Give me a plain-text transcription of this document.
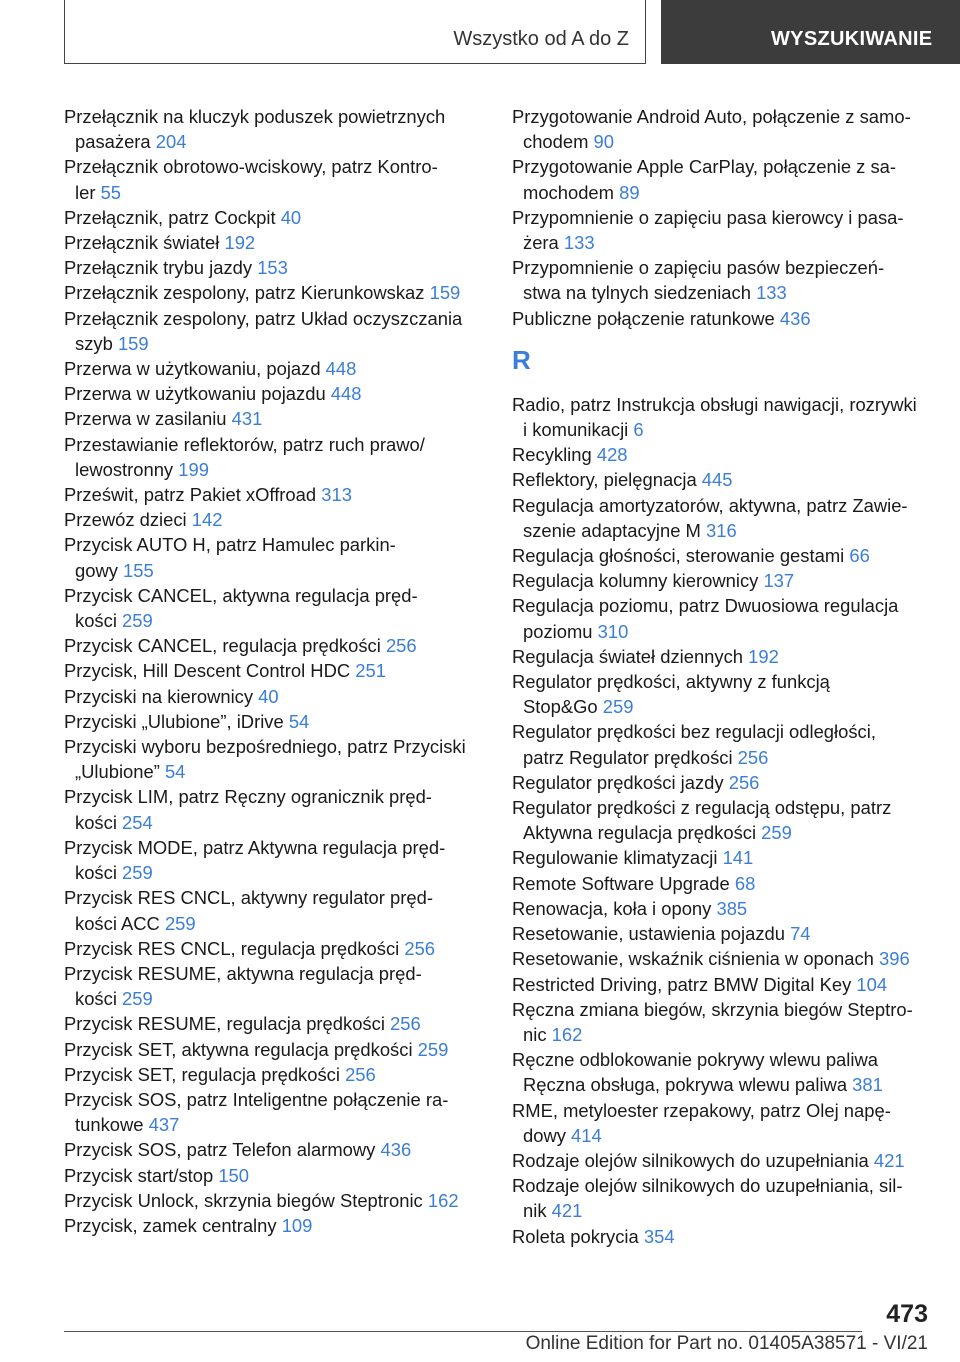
Wszystko od A do Z	WYSZUKIWANIE
Przełącznik na kluczyk poduszek powietrznych
pasażera 204
Przełącznik obrotowo-wciskowy, patrz Kontro-
ler 55
Przełącznik, patrz Cockpit 40
Przełącznik świateł 192
Przełącznik trybu jazdy 153
Przełącznik zespolony, patrz Kierunkowskaz 159
Przełącznik zespolony, patrz Układ oczyszczania
szyb 159
Przerwa w użytkowaniu, pojazd 448
Przerwa w użytkowaniu pojazdu 448
Przerwa w zasilaniu 431
Przestawianie reflektorów, patrz ruch prawo/
lewostronny 199
Prześwit, patrz Pakiet xOffroad 313
Przewóz dzieci 142
Przycisk AUTO H, patrz Hamulec parkin-
gowy 155
Przycisk CANCEL, aktywna regulacja pręd-
kości 259
Przycisk CANCEL, regulacja prędkości 256
Przycisk, Hill Descent Control HDC 251
Przyciski na kierownicy 40
Przyciski „Ulubione”, iDrive 54
Przyciski wyboru bezpośredniego, patrz Przyciski
„Ulubione” 54
Przycisk LIM, patrz Ręczny ogranicznik pręd-
kości 254
Przycisk MODE, patrz Aktywna regulacja pręd-
kości 259
Przycisk RES CNCL, aktywny regulator pręd-
kości ACC 259
Przycisk RES CNCL, regulacja prędkości 256
Przycisk RESUME, aktywna regulacja pręd-
kości 259
Przycisk RESUME, regulacja prędkości 256
Przycisk SET, aktywna regulacja prędkości 259
Przycisk SET, regulacja prędkości 256
Przycisk SOS, patrz Inteligentne połączenie ra-
tunkowe 437
Przycisk SOS, patrz Telefon alarmowy 436
Przycisk start/stop 150
Przycisk Unlock, skrzynia biegów Steptronic 162
Przycisk, zamek centralny 109
Przygotowanie Android Auto, połączenie z samo-
chodem 90
Przygotowanie Apple CarPlay, połączenie z sa-
mochodem 89
Przypomnienie o zapięciu pasa kierowcy i pasa-
żera 133
Przypomnienie o zapięciu pasów bezpieczeń-
stwa na tylnych siedzeniach 133
Publiczne połączenie ratunkowe 436
R
Radio, patrz Instrukcja obsługi nawigacji, rozrywki
i komunikacji 6
Recykling 428
Reflektory, pielęgnacja 445
Regulacja amortyzatorów, aktywna, patrz Zawie-
szenie adaptacyjne M 316
Regulacja głośności, sterowanie gestami 66
Regulacja kolumny kierownicy 137
Regulacja poziomu, patrz Dwuosiowa regulacja
poziomu 310
Regulacja świateł dziennych 192
Regulator prędkości, aktywny z funkcją
Stop&Go 259
Regulator prędkości bez regulacji odległości,
patrz Regulator prędkości 256
Regulator prędkości jazdy 256
Regulator prędkości z regulacją odstępu, patrz
Aktywna regulacja prędkości 259
Regulowanie klimatyzacji 141
Remote Software Upgrade 68
Renowacja, koła i opony 385
Resetowanie, ustawienia pojazdu 74
Resetowanie, wskaźnik ciśnienia w oponach 396
Restricted Driving, patrz BMW Digital Key 104
Ręczna zmiana biegów, skrzynia biegów Steptro-
nic 162
Ręczne odblokowanie pokrywy wlewu paliwa
Ręczna obsługa, pokrywa wlewu paliwa 381
RME, metyloester rzepakowy, patrz Olej napę-
dowy 414
Rodzaje olejów silnikowych do uzupełniania 421
Rodzaje olejów silnikowych do uzupełniania, sil-
nik 421
Roleta pokrycia 354
473
Online Edition for Part no. 01405A38571 - VI/21
